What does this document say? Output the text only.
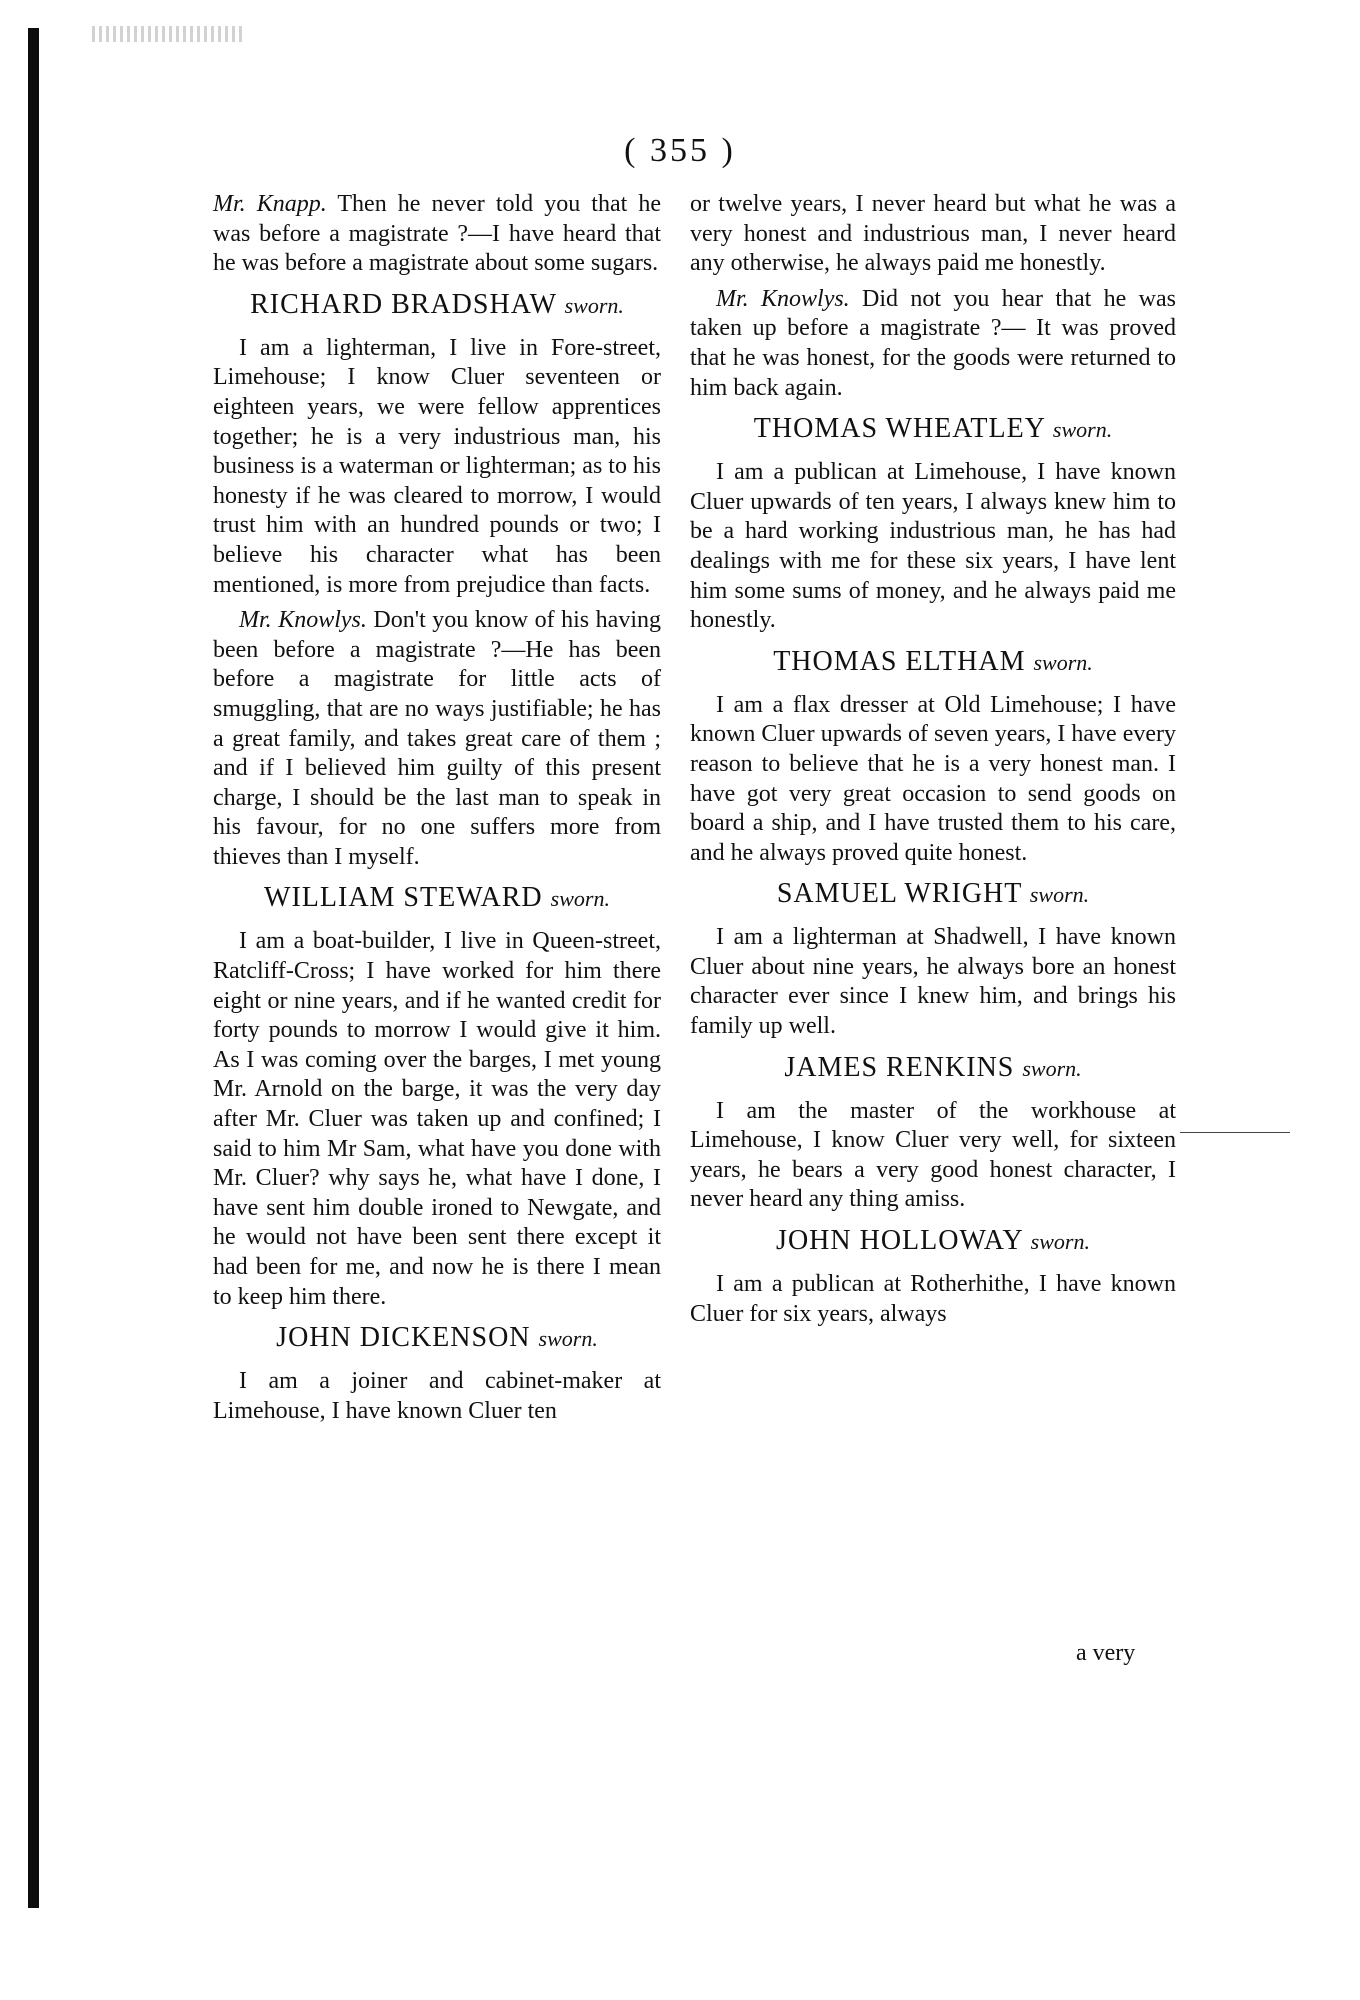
( 355 )

Mr. Knapp. Then he never told you that he was before a magistrate ?—I have heard that he was before a magistrate about some sugars.

RICHARD BRADSHAW sworn.

I am a lighterman, I live in Fore-street, Limehouse; I know Cluer seventeen or eighteen years, we were fellow apprentices together; he is a very industrious man, his business is a waterman or lighterman; as to his honesty if he was cleared to morrow, I would trust him with an hundred pounds or two; I believe his character what has been mentioned, is more from prejudice than facts.

Mr. Knowlys. Don't you know of his having been before a magistrate ?—He has been before a magistrate for little acts of smuggling, that are no ways justifiable; he has a great family, and takes great care of them ; and if I believed him guilty of this present charge, I should be the last man to speak in his favour, for no one suffers more from thieves than I myself.

WILLIAM STEWARD sworn.

I am a boat-builder, I live in Queen-street, Ratcliff-Cross; I have worked for him there eight or nine years, and if he wanted credit for forty pounds to morrow I would give it him. As I was coming over the barges, I met young Mr. Arnold on the barge, it was the very day after Mr. Cluer was taken up and confined; I said to him Mr Sam, what have you done with Mr. Cluer? why says he, what have I done, I have sent him double ironed to Newgate, and he would not have been sent there except it had been for me, and now he is there I mean to keep him there.

JOHN DICKENSON sworn.

I am a joiner and cabinet-maker at Limehouse, I have known Cluer ten

or twelve years, I never heard but what he was a very honest and industrious man, I never heard any otherwise, he always paid me honestly.

Mr. Knowlys. Did not you hear that he was taken up before a magistrate ?— It was proved that he was honest, for the goods were returned to him back again.

THOMAS WHEATLEY sworn.

I am a publican at Limehouse, I have known Cluer upwards of ten years, I always knew him to be a hard working industrious man, he has had dealings with me for these six years, I have lent him some sums of money, and he always paid me honestly.

THOMAS ELTHAM sworn.

I am a flax dresser at Old Limehouse; I have known Cluer upwards of seven years, I have every reason to believe that he is a very honest man. I have got very great occasion to send goods on board a ship, and I have trusted them to his care, and he always proved quite honest.

SAMUEL WRIGHT sworn.

I am a lighterman at Shadwell, I have known Cluer about nine years, he always bore an honest character ever since I knew him, and brings his family up well.

JAMES RENKINS sworn.

I am the master of the workhouse at Limehouse, I know Cluer very well, for sixteen years, he bears a very good honest character, I never heard any thing amiss.

JOHN HOLLOWAY sworn.

I am a publican at Rotherhithe, I have known Cluer for six years, always

a very
